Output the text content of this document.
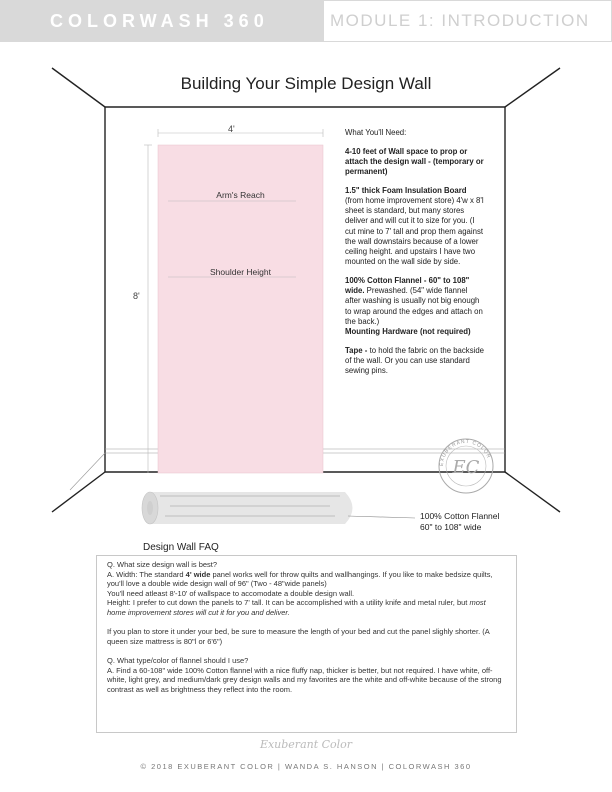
COLORWASH 360	MODULE 1: INTRODUCTION
Building Your Simple Design Wall
EXUBERANT COLOR
EC
4'
8'
Arm's Reach
Shoulder Height

What You'll Need:

4-10 feet of Wall space to prop or attach the design wall - (temporary or permanent)

1.5" thick Foam Insulation Board
(from home improvement store) 4'w x 8'l sheet is standard, but many stores deliver and will cut it to size for you. (I cut mine to 7' tall and prop them against the wall downstairs because of a lower ceiling height. and upstairs I have two mounted on the wall side by side.

100% Cotton Flannel - 60" to 108" wide. Prewashed. (54" wide flannel after washing is usually not big enough to wrap around the edges and attach on the back.)

Mounting Hardware (not required)

Tape - to hold the fabric on the backside of the wall. Or you can use standard sewing pins.

100% Cotton Flannel
60" to 108" wide
Design Wall FAQ
Q. What size design wall is best?
A. Width: The standard 4' wide panel works well for throw quilts and wallhangings. If you like to make bedsize quilts, you'll love a double wide design wall of 96" (Two - 48"wide panels)
You'll need atleast 8'-10' of wallspace to accomodate a double design wall.
Height: I prefer to cut down the panels to 7' tall. It can be accomplished with a utility knife and metal ruler, but most home improvement stores will cut it for you and deliver.
If you plan to store it under your bed, be sure to measure the length of your bed and cut the panel slighly shorter. (A queen size mattress is 80"l or 6'6")
Q. What type/color of flannel should I use?
A. Find a 60-108" wide 100% Cotton flannel with a nice fluffy nap, thicker is better, but not required. I have white, off-white, light grey, and medium/dark grey design walls and my favorites are the white and off-white because of the strong contrast as well as brightness they reflect into the room.
Exuberant Color
© 2018 EXUBERANT COLOR | WANDA S. HANSON | COLORWASH 360
